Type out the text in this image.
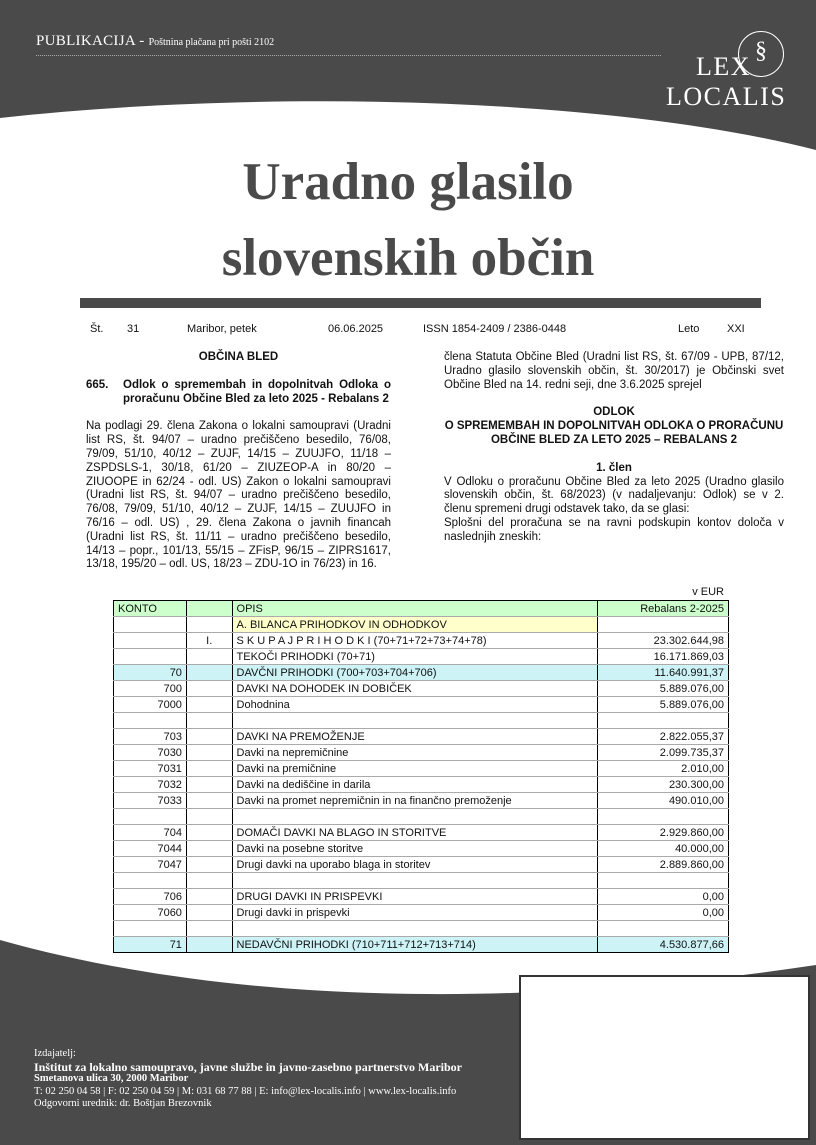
PUBLIKACIJA - Poštnina plačana pri pošti 2102	§
LEX
LOCALIS
Uradno glasilo
slovenskih občin
Št. 31	Maribor, petek	06.06.2025	ISSN 1854-2409 / 2386-0448	Leto	XXI
OBČINA BLED
665.	Odlok o spremembah in dopolnitvah Odloka o proračunu Občine Bled za leto 2025 - Rebalans 2
Na podlagi 29. člena Zakona o lokalni samoupravi (Uradni list RS, št. 94/07 – uradno prečiščeno besedilo, 76/08, 79/09, 51/10, 40/12 – ZUJF, 14/15 – ZUUJFO, 11/18 – ZSPDSLS-1, 30/18, 61/20 – ZIUZEOP-A in 80/20 – ZIUOOPE in 62/24 - odl. US) Zakon o lokalni samoupravi (Uradni list RS, št. 94/07 – uradno prečiščeno besedilo, 76/08, 79/09, 51/10, 40/12 – ZUJF, 14/15 – ZUUJFO in 76/16 – odl. US) , 29. člena Zakona o javnih financah (Uradni list RS, št. 11/11 – uradno prečiščeno besedilo, 14/13 – popr., 101/13, 55/15 – ZFisP, 96/15 – ZIPRS1617, 13/18, 195/20 – odl. US, 18/23 – ZDU-1O in 76/23) in 16.
člena Statuta Občine Bled (Uradni list RS, št. 67/09 - UPB, 87/12, Uradno glasilo slovenskih občin, št. 30/2017) je Občinski svet Občine Bled na 14. redni seji, dne 3.6.2025 sprejel
ODLOK
O SPREMEMBAH IN DOPOLNITVAH ODLOKA O PRORAČUNU OBČINE BLED ZA LETO 2025 – REBALANS 2
1. člen
V Odloku o proračunu Občine Bled za leto 2025 (Uradno glasilo slovenskih občin, št. 68/2023) (v nadaljevanju: Odlok) se v 2. členu spremeni drugi odstavek tako, da se glasi:
Splošni del proračuna se na ravni podskupin kontov določa v naslednjih zneskih:
v EUR
KONTO		OPIS	Rebalans 2-2025
		A. BILANCA PRIHODKOV IN ODHODKOV	
	I.	S K U P A J P R I H O D K I (70+71+72+73+74+78)	23.302.644,98
		TEKOČI PRIHODKI (70+71)	16.171.869,03
70		DAVČNI PRIHODKI (700+703+704+706)	11.640.991,37
700		DAVKI NA DOHODEK IN DOBIČEK	5.889.076,00
7000		Dohodnina	5.889.076,00

703		DAVKI NA PREMOŽENJE	2.822.055,37
7030		Davki na nepremičnine	2.099.735,37
7031		Davki na premičnine	2.010,00
7032		Davki na dediščine in darila	230.300,00
7033		Davki na promet nepremičnin in na finančno premoženje	490.010,00

704		DOMAČI DAVKI NA BLAGO IN STORITVE	2.929.860,00
7044		Davki na posebne storitve	40.000,00
7047		Drugi davki na uporabo blaga in storitev	2.889.860,00

706		DRUGI DAVKI IN PRISPEVKI	0,00
7060		Drugi davki in prispevki	0,00

71		NEDAVČNI PRIHODKI (710+711+712+713+714)	4.530.877,66
Izdajatelj:
Inštitut za lokalno samoupravo, javne službe in javno-zasebno partnerstvo Maribor
Smetanova ulica 30, 2000 Maribor
T: 02 250 04 58 | F: 02 250 04 59 | M: 031 68 77 88 | E: info@lex-localis.info | www.lex-localis.info
Odgovorni urednik: dr. Boštjan Brezovnik
